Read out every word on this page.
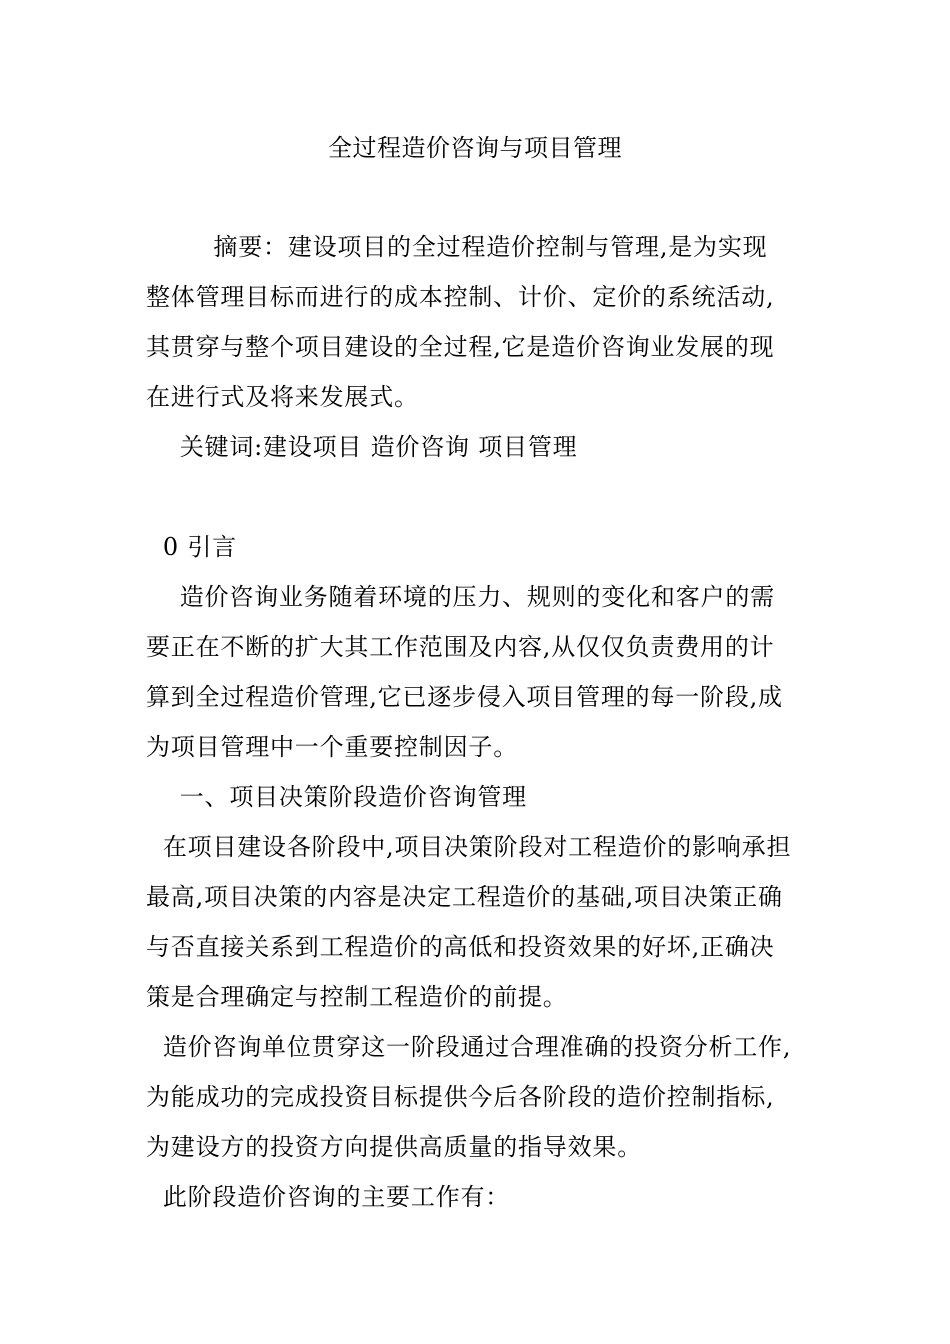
全过程造价咨询与项目管理
摘要：建设项目的全过程造价控制与管理,是为实现
整体管理目标而进行的成本控制、计价、定价的系统活动,
其贯穿与整个项目建设的全过程,它是造价咨询业发展的现
在进行式及将来发展式。
关键词:建设项目 造价咨询 项目管理
0 引言
造价咨询业务随着环境的压力、规则的变化和客户的需
要正在不断的扩大其工作范围及内容,从仅仅负责费用的计
算到全过程造价管理,它已逐步侵入项目管理的每一阶段,成
为项目管理中一个重要控制因子。
一、项目决策阶段造价咨询管理
在项目建设各阶段中,项目决策阶段对工程造价的影响承担
最高,项目决策的内容是决定工程造价的基础,项目决策正确
与否直接关系到工程造价的高低和投资效果的好坏,正确决
策是合理确定与控制工程造价的前提。
造价咨询单位贯穿这一阶段通过合理准确的投资分析工作,
为能成功的完成投资目标提供今后各阶段的造价控制指标,
为建设方的投资方向提供高质量的指导效果。
此阶段造价咨询的主要工作有：
